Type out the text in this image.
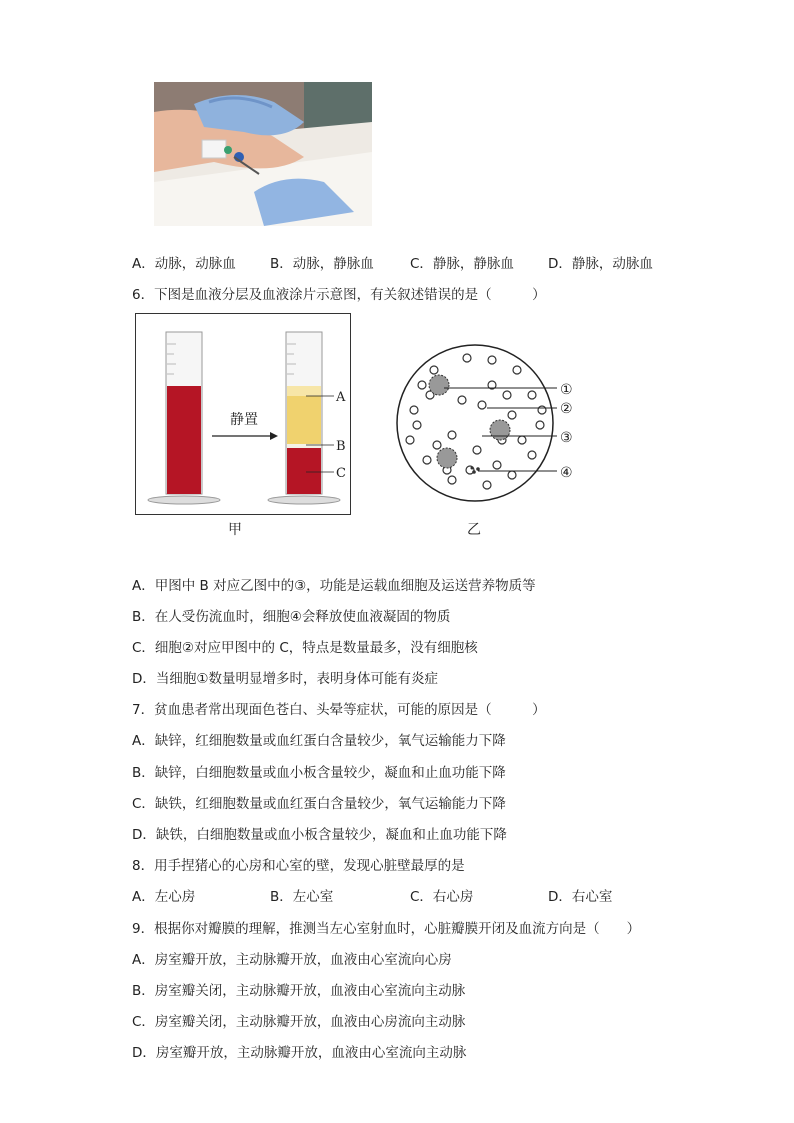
A．动脉，动脉血	B．动脉，静脉血	C．静脉，静脉血	D．静脉，动脉血
6．下图是血液分层及血液涂片示意图，有关叙述错误的是（　　　）
静置
A
B
C
甲
①
②
③
④
乙
A．甲图中 B 对应乙图中的③，功能是运载血细胞及运送营养物质等
B．在人受伤流血时，细胞④会释放使血液凝固的物质
C．细胞②对应甲图中的 C，特点是数量最多，没有细胞核
D．当细胞①数量明显增多时，表明身体可能有炎症
7．贫血患者常出现面色苍白、头晕等症状，可能的原因是（　　　）
A．缺锌，红细胞数量或血红蛋白含量较少，氧气运输能力下降
B．缺锌，白细胞数量或血小板含量较少，凝血和止血功能下降
C．缺铁，红细胞数量或血红蛋白含量较少，氧气运输能力下降
D．缺铁，白细胞数量或血小板含量较少，凝血和止血功能下降
8．用手捏猪心的心房和心室的壁，发现心脏壁最厚的是
A．左心房	B．左心室	C．右心房	D．右心室
9．根据你对瓣膜的理解，推测当左心室射血时，心脏瓣膜开闭及血流方向是（　　）
A．房室瓣开放，主动脉瓣开放，血液由心室流向心房
B．房室瓣关闭，主动脉瓣开放，血液由心室流向主动脉
C．房室瓣关闭，主动脉瓣开放，血液由心房流向主动脉
D．房室瓣开放，主动脉瓣开放，血液由心室流向主动脉
